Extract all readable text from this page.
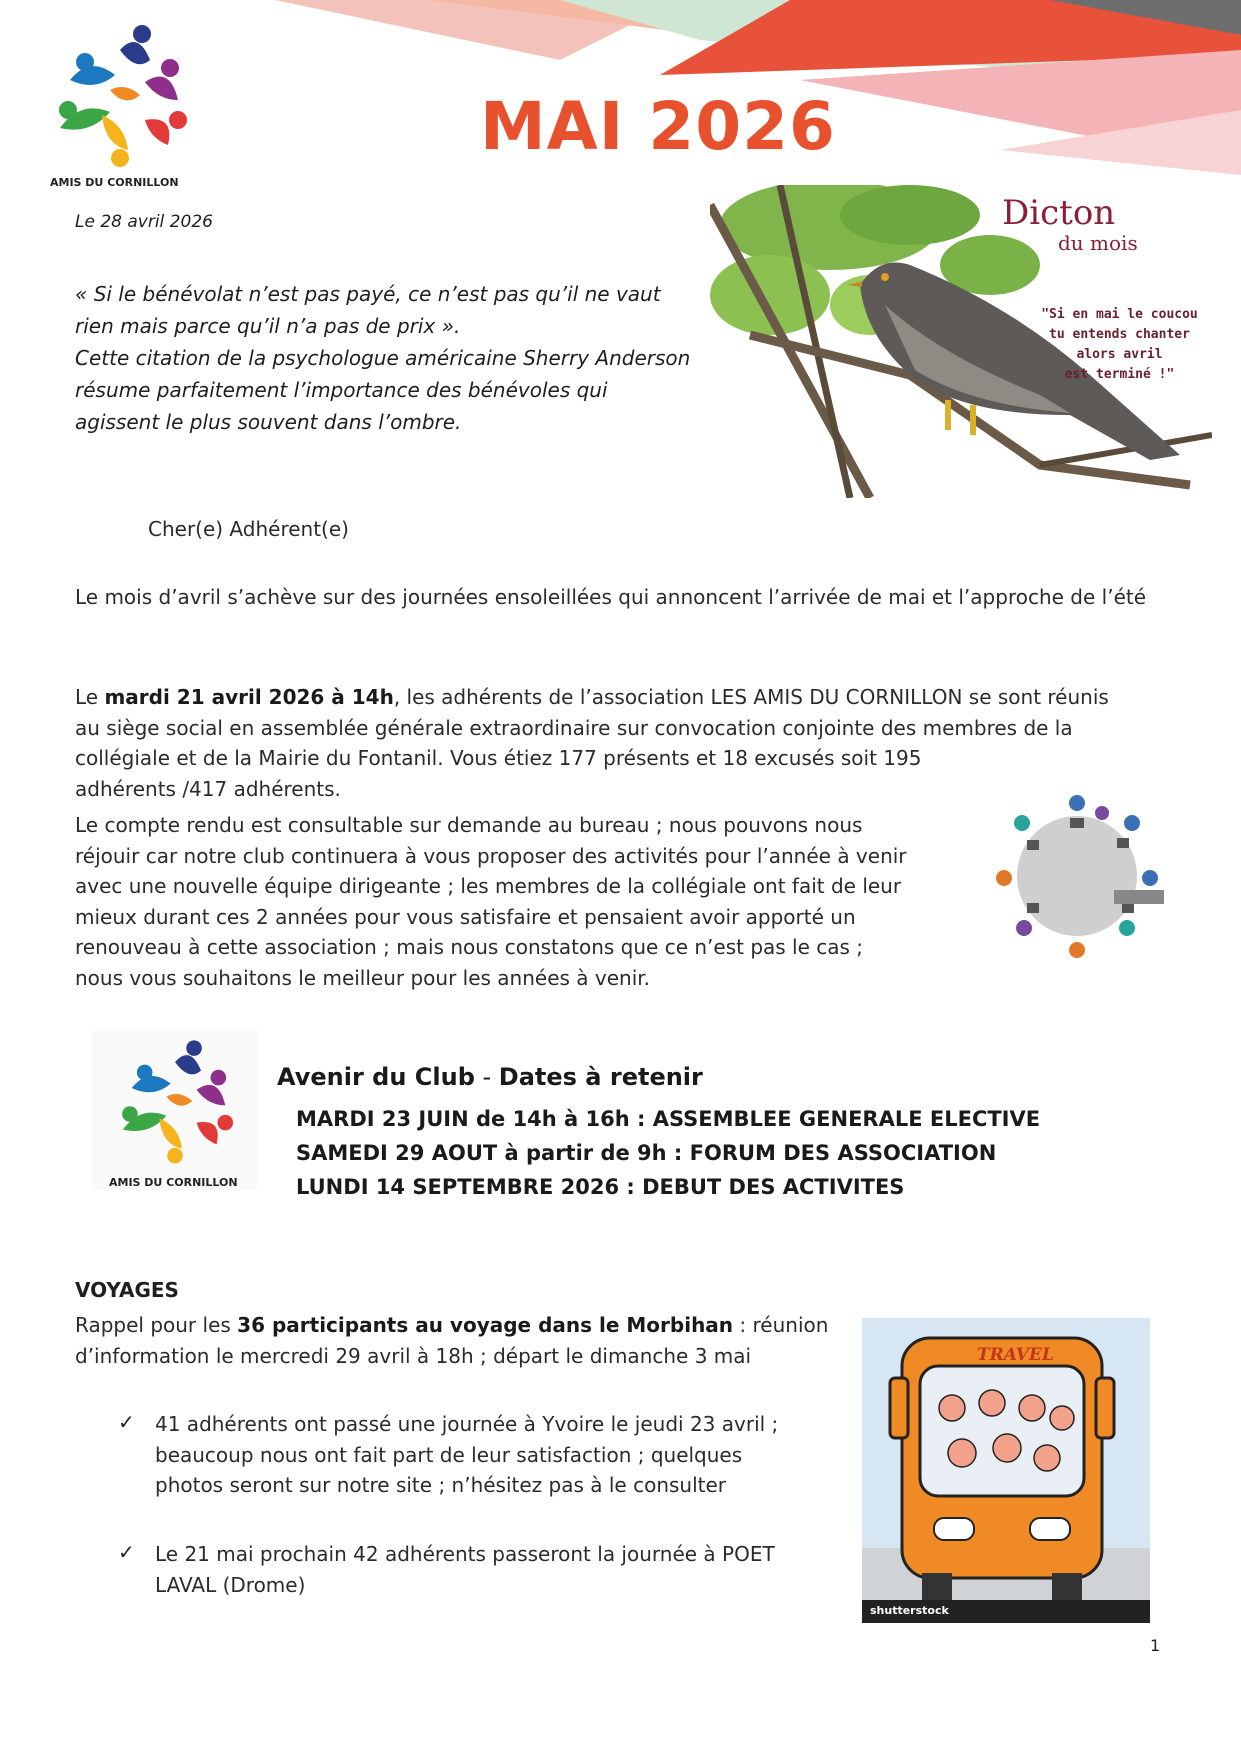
AMIS DU CORNILLON
MAI 2026
Le 28 avril 2026

« Si le bénévolat n’est pas payé, ce n’est pas qu’il ne vaut rien mais parce qu’il n’a pas de prix ».

Cette citation de la psychologue américaine Sherry Anderson résume parfaitement l’importance des bénévoles qui agissent le plus souvent dans l’ombre.

Dicton
du mois
"Si en mai le coucou
tu entends chanter
alors avril
est terminé !"
Cher(e) Adhérent(e)
Le mois d’avril s’achève sur des journées ensoleillées qui annoncent l’arrivée de mai et l’approche de l’été
Le mardi 21 avril 2026 à 14h, les adhérents de l’association LES AMIS DU CORNILLON se sont réunis
au siège social en assemblée générale extraordinaire sur convocation conjointe des membres de la
collégiale et de la Mairie du Fontanil. Vous étiez 177 présents et 18 excusés soit 195
adhérents /417 adhérents.
Le compte rendu est consultable sur demande au bureau ; nous pouvons nous
réjouir car notre club continuera à vous proposer des activités pour l’année à venir
avec une nouvelle équipe dirigeante ; les membres de la collégiale ont fait de leur
mieux durant ces 2 années pour vous satisfaire et pensaient avoir apporté un
renouveau à cette association ; mais nous constatons que ce n’est pas le cas ;
nous vous souhaitons le meilleur pour les années à venir.
AMIS DU CORNILLON
Avenir du Club - Dates à retenir
MARDI 23 JUIN de 14h à 16h : ASSEMBLEE GENERALE ELECTIVE
SAMEDI 29 AOUT à partir de 9h : FORUM DES ASSOCIATION
LUNDI 14 SEPTEMBRE 2026 : DEBUT DES ACTIVITES
VOYAGES
Rappel pour les 36 participants au voyage dans le Morbihan : réunion
d’information le mercredi 29 avril à 18h ; départ le dimanche 3 mai
✓ 41 adhérents ont passé une journée à Yvoire le jeudi 23 avril ;
beaucoup nous ont fait part de leur satisfaction ; quelques
photos seront sur notre site ; n’hésitez pas à le consulter
✓ Le 21 mai prochain 42 adhérents passeront la journée à POET
LAVAL (Drome)
TRAVEL
shutterstock
1
